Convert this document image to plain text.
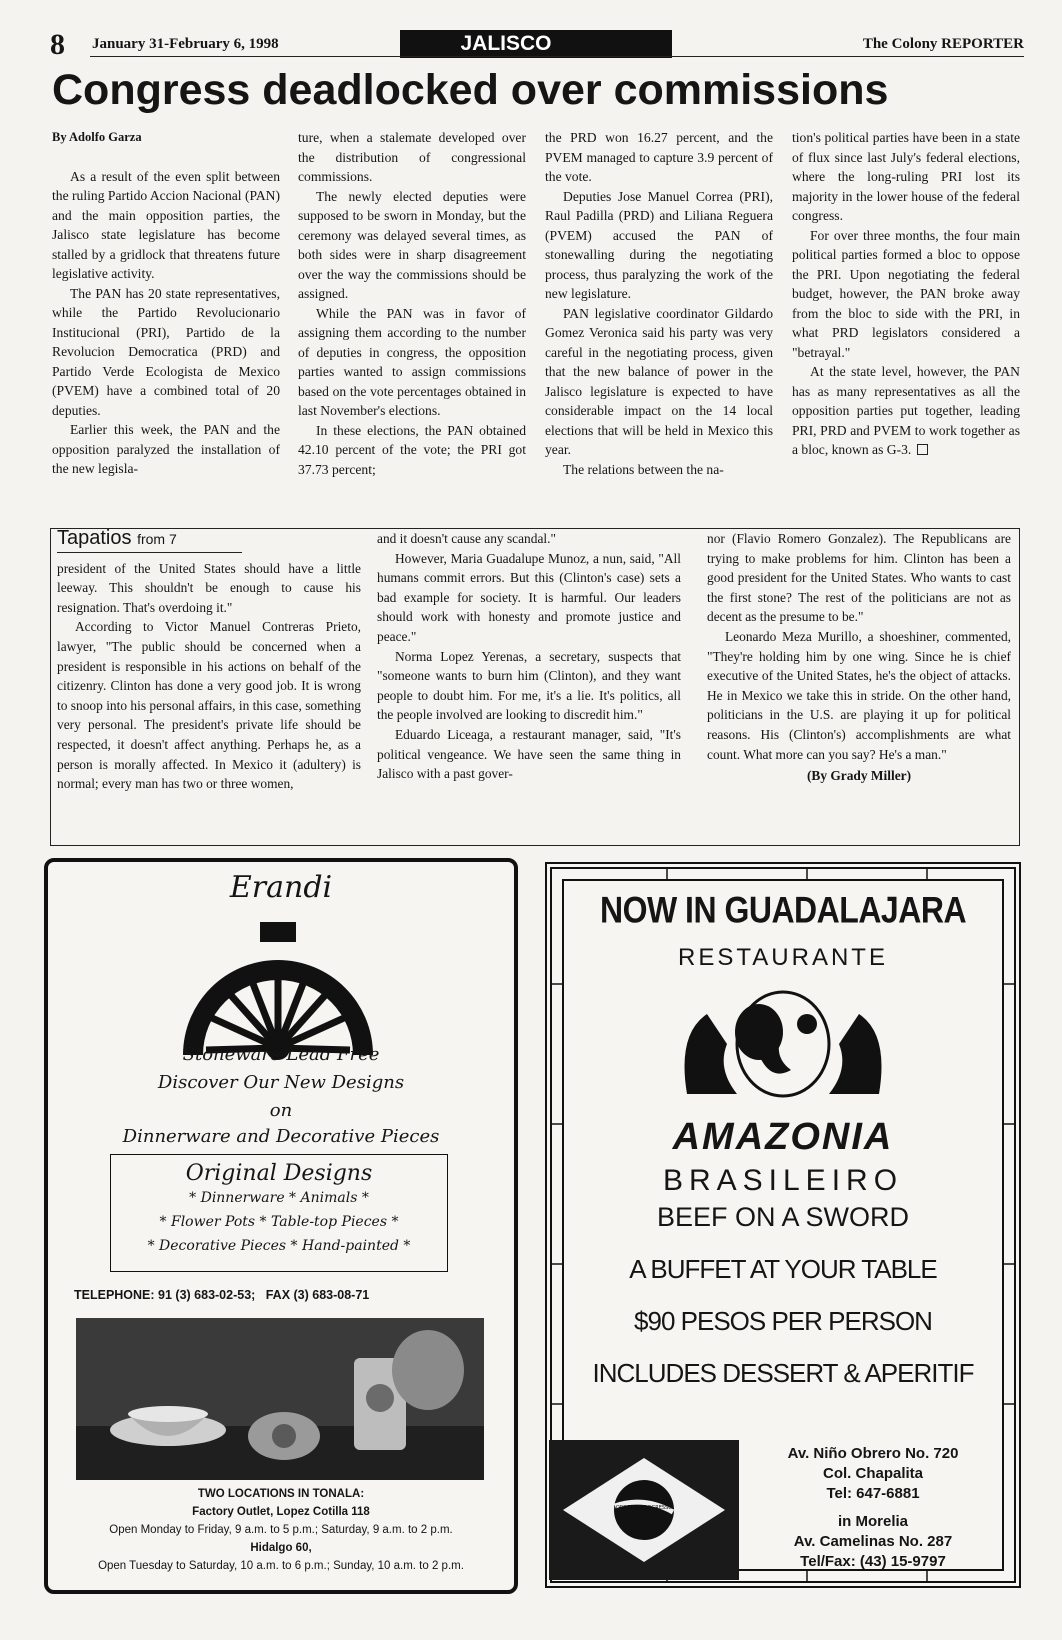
8 January 31-February 6, 1998	JALISCO	The Colony REPORTER
Congress deadlocked over commissions
By Adolfo Garza

As a result of the even split between the ruling Partido Accion Nacional (PAN) and the main opposition parties, the Jalisco state legislature has become stalled by a gridlock that threatens future legislative activity.

The PAN has 20 state representatives, while the Partido Revolucionario Institucional (PRI), Partido de la Revolucion Democratica (PRD) and Partido Verde Ecologista de Mexico (PVEM) have a combined total of 20 deputies.

Earlier this week, the PAN and the opposition paralyzed the installation of the new legisla-

ture, when a stalemate developed over the distribution of congressional commissions.

The newly elected deputies were supposed to be sworn in Monday, but the ceremony was delayed several times, as both sides were in sharp disagreement over the way the commissions should be assigned.

While the PAN was in favor of assigning them according to the number of deputies in congress, the opposition parties wanted to assign commissions based on the vote percentages obtained in last November's elections.

In these elections, the PAN obtained 42.10 percent of the vote; the PRI got 37.73 percent;

the PRD won 16.27 percent, and the PVEM managed to capture 3.9 percent of the vote.

Deputies Jose Manuel Correa (PRI), Raul Padilla (PRD) and Liliana Reguera (PVEM) accused the PAN of stonewalling during the negotiating process, thus paralyzing the work of the new legislature.

PAN legislative coordinator Gildardo Gomez Veronica said his party was very careful in the negotiating process, given that the new balance of power in the Jalisco legislature is expected to have considerable impact on the 14 local elections that will be held in Mexico this year.

The relations between the na-

tion's political parties have been in a state of flux since last July's federal elections, where the long-ruling PRI lost its majority in the lower house of the federal congress.

For over three months, the four main political parties formed a bloc to oppose the PRI. Upon negotiating the federal budget, however, the PAN broke away from the bloc to side with the PRI, in what PRD legislators considered a "betrayal."

At the state level, however, the PAN has as many representatives as all the opposition parties put together, leading PRI, PRD and PVEM to work together as a bloc, known as G-3.

Tapatios from 7

president of the United States should have a little leeway. This shouldn't be enough to cause his resignation. That's overdoing it."

According to Victor Manuel Contreras Prieto, lawyer, "The public should be concerned when a president is responsible in his actions on behalf of the citizenry. Clinton has done a very good job. It is wrong to snoop into his personal affairs, in this case, something very personal. The president's private life should be respected, it doesn't affect anything. Perhaps he, as a person is morally affected. In Mexico it (adultery) is normal; every man has two or three women,

and it doesn't cause any scandal."

However, Maria Guadalupe Munoz, a nun, said, "All humans commit errors. But this (Clinton's case) sets a bad example for society. It is harmful. Our leaders should work with honesty and promote justice and peace."

Norma Lopez Yerenas, a secretary, suspects that "someone wants to burn him (Clinton), and they want people to doubt him. For me, it's a lie. It's politics, all the people involved are looking to discredit him."

Eduardo Liceaga, a restaurant manager, said, "It's political vengeance. We have seen the same thing in Jalisco with a past gover-

nor (Flavio Romero Gonzalez). The Republicans are trying to make problems for him. Clinton has been a good president for the United States. Who wants to cast the first stone? The rest of the politicians are not as decent as the presume to be."

Leonardo Meza Murillo, a shoeshiner, commented, "They're holding him by one wing. Since he is chief executive of the United States, he's the object of attacks. He in Mexico we take this in stride. On the other hand, politicians in the U.S. are playing it up for political reasons. His (Clinton's) accomplishments are what count. What more can you say? He's a man."

(By Grady Miller)
Erandi
Stoneware Lead Free
Discover Our New Designs
on
Dinnerware and Decorative Pieces
Original Designs
* Dinnerware * Animals *
* Flower Pots * Table-top Pieces *
* Decorative Pieces * Hand-painted *
TELEPHONE: 91 (3) 683-02-53;   FAX (3) 683-08-71
TWO LOCATIONS IN TONALA:
Factory Outlet, Lopez Cotilla 118
Open Monday to Friday, 9 a.m. to 5 p.m.; Saturday, 9 a.m. to 2 p.m.
Hidalgo 60,
Open Tuesday to Saturday, 10 a.m. to 6 p.m.; Sunday, 10 a.m. to 2 p.m.
NOW IN GUADALAJARA
RESTAURANTE
AMAZONIA
BRASILEIRO
BEEF ON A SWORD
A BUFFET AT YOUR TABLE
$90 PESOS PER PERSON
INCLUDES DESSERT & APERITIF
ORDEM E PROGRESSO
Av. Niño Obrero No. 720
Col. Chapalita
Tel: 647-6881
in Morelia
Av. Camelinas No. 287
Tel/Fax: (43) 15-9797
